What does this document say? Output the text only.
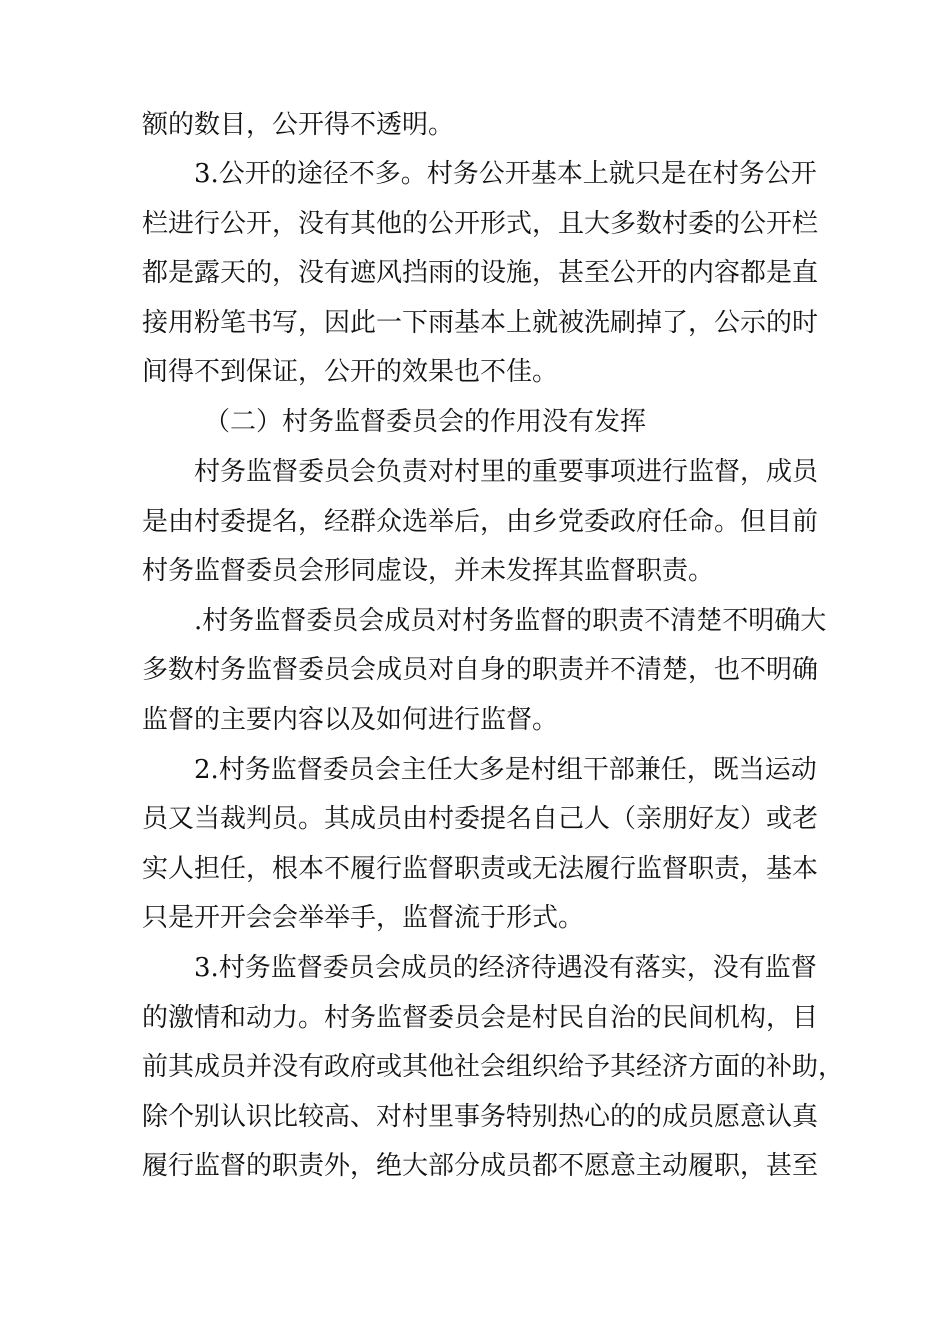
额的数目，公开得不透明。
3.公开的途径不多。村务公开基本上就只是在村务公开
栏进行公开，没有其他的公开形式，且大多数村委的公开栏
都是露天的，没有遮风挡雨的设施，甚至公开的内容都是直
接用粉笔书写，因此一下雨基本上就被洗刷掉了，公示的时
间得不到保证，公开的效果也不佳。
（二）村务监督委员会的作用没有发挥
村务监督委员会负责对村里的重要事项进行监督，成员
是由村委提名，经群众选举后，由乡党委政府任命。但目前
村务监督委员会形同虚设，并未发挥其监督职责。
.村务监督委员会成员对村务监督的职责不清楚不明确大
多数村务监督委员会成员对自身的职责并不清楚，也不明确
监督的主要内容以及如何进行监督。
2.村务监督委员会主任大多是村组干部兼任，既当运动
员又当裁判员。其成员由村委提名自己人（亲朋好友）或老
实人担任，根本不履行监督职责或无法履行监督职责，基本
只是开开会会举举手，监督流于形式。
3.村务监督委员会成员的经济待遇没有落实，没有监督
的激情和动力。村务监督委员会是村民自治的民间机构，目
前其成员并没有政府或其他社会组织给予其经济方面的补助，
除个别认识比较高、对村里事务特别热心的的成员愿意认真
履行监督的职责外，绝大部分成员都不愿意主动履职，甚至
